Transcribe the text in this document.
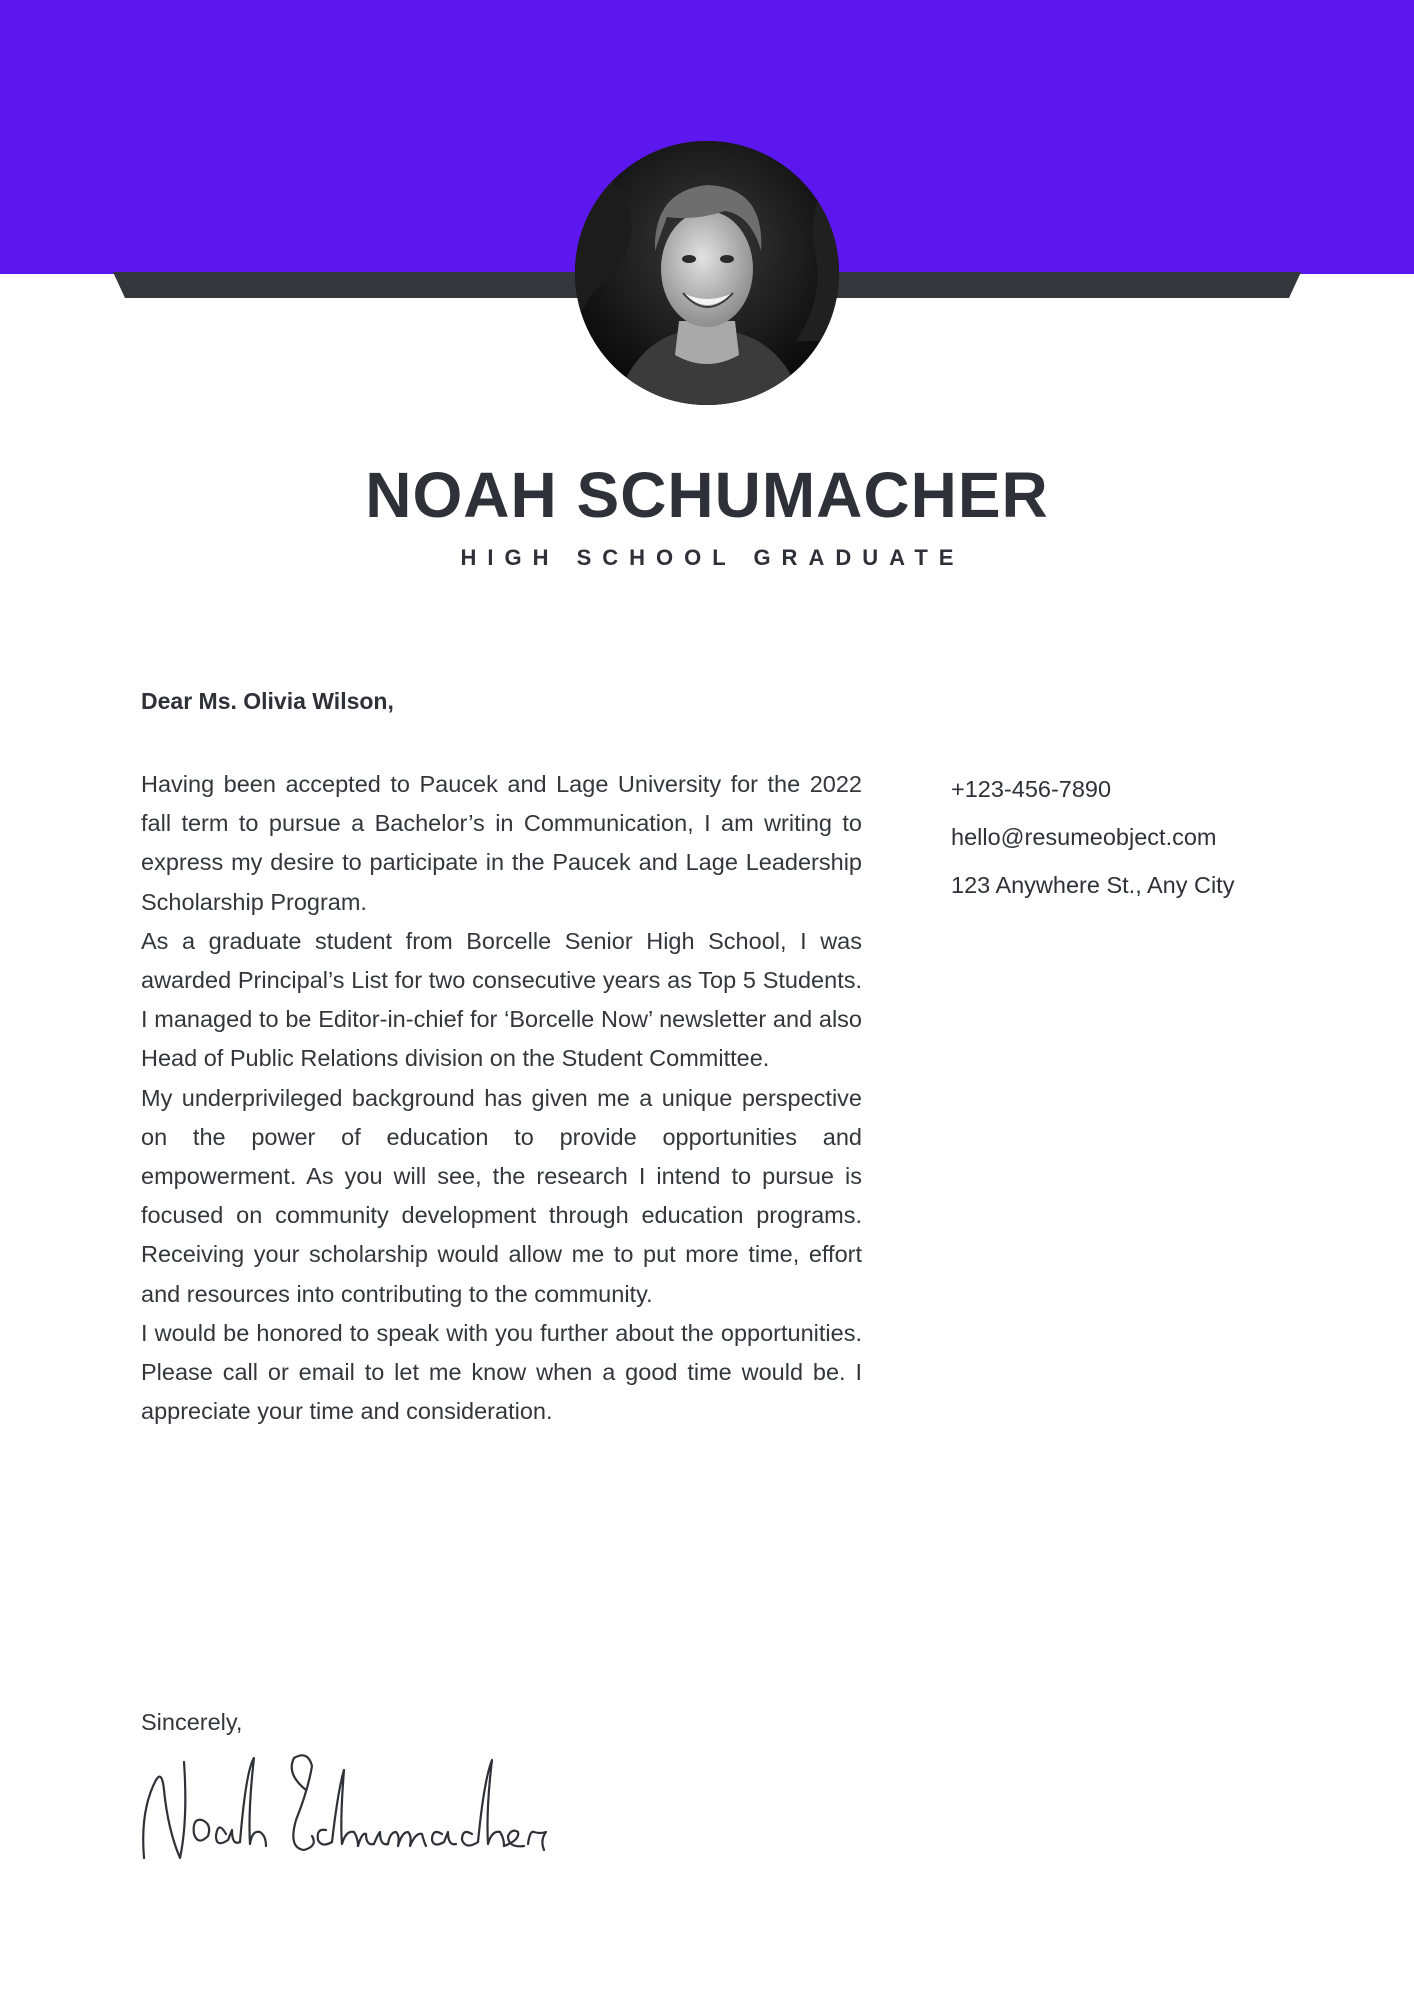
NOAH SCHUMACHER
HIGH SCHOOL GRADUATE

Dear Ms. Olivia Wilson,

Having been accepted to Paucek and Lage University for the 2022 fall term to pursue a Bachelor’s in Communication, I am writing to express my desire to participate in the Paucek and Lage Leadership Scholarship Program.

As a graduate student from Borcelle Senior High School, I was awarded Principal’s List for two consecutive years as Top 5 Students. I managed to be Editor-in-chief for ‘Borcelle Now’ newsletter and also Head of Public Relations division on the Student Committee.

My underprivileged background has given me a unique perspective on the power of education to provide opportunities and empowerment. As you will see, the research I intend to pursue is focused on community development through education programs. Receiving your scholarship would allow me to put more time, effort and resources into contributing to the community.

I would be honored to speak with you further about the opportunities. Please call or email to let me know when a good time would be. I appreciate your time and consideration.

+123-456-7890
hello@resumeobject.com
123 Anywhere St., Any City

Sincerely,
